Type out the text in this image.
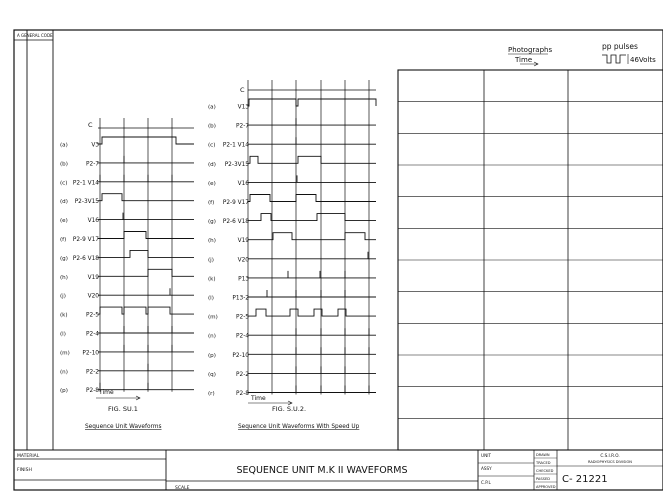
A GENERAL CODE
Photographs
Time
pp pulses
46Volts
C
(a)	V3
(b)	P2-7
(c) P2-1 V14
(d) P2-3V15
(e)	V16
(f) P2-9 V17
(g) P2-6 V18
(h)	V19
(j)	V20
(k)	P2-5
(l)	P2-4
(m) P2-10
(n)	P2-2
(p)	P2-8 Time
FIG. SU.1
Sequence Unit Waveforms
C
(a)	V13
(b)	P2-7
(c) P2-1 V14
(d) P2-3V15
(e)	V16
(f) P2-9 V17
(g) P2-6 V18
(h)	V19
(j)	V20
(k)	P13
(l)	P13-2
(m)	P2-5
(n)	P2-4
(p)	P2-10
(q)	P2-2
(r)	P2-8
Time
FIG. S.U.2.
Sequence Unit Waveforms With Speed Up
MATERIAL
FINISH
SCALE
SEQUENCE UNIT M.K II WAVEFORMS
UNIT
ASSY
C.P.L
DRAWN
TRACED
CHECKED
PASSED
APPROVED
C.S.I.R.O.
RADIOPHYSICS DIVISION
C- 21221
